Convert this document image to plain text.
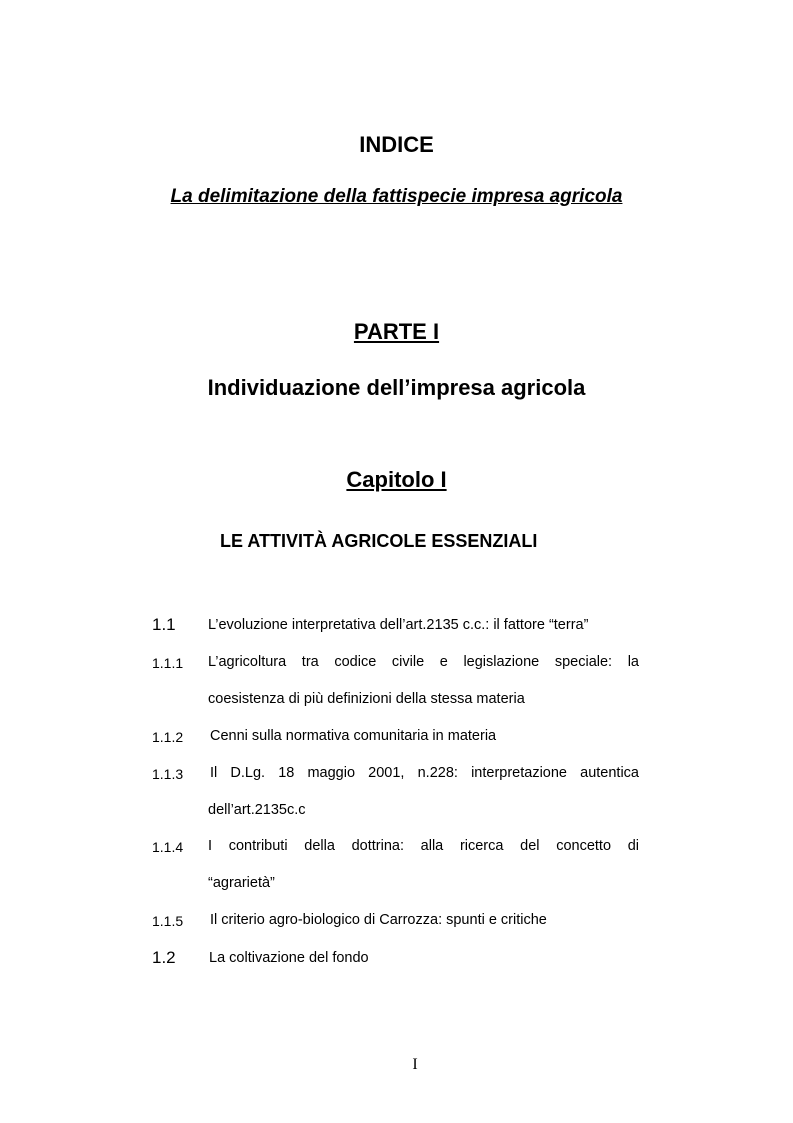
INDICE
La delimitazione della fattispecie impresa agricola
PARTE I
Individuazione dell’impresa agricola
Capitolo I
LE ATTIVITÀ AGRICOLE ESSENZIALI
1.1 L’evoluzione interpretativa dell’art.2135 c.c.: il fattore “terra”
1.1.1 L’agricoltura tra codice civile e legislazione speciale: la
coesistenza di più definizioni della stessa materia
1.1.2 Cenni sulla normativa comunitaria in materia
1.1.3 Il D.Lg. 18 maggio 2001, n.228: interpretazione autentica
dell’art.2135c.c
1.1.4 I contributi della dottrina: alla ricerca del concetto di
“agrarietà”
1.1.5 Il criterio agro-biologico di Carrozza: spunti e critiche
1.2 La coltivazione del fondo
I
